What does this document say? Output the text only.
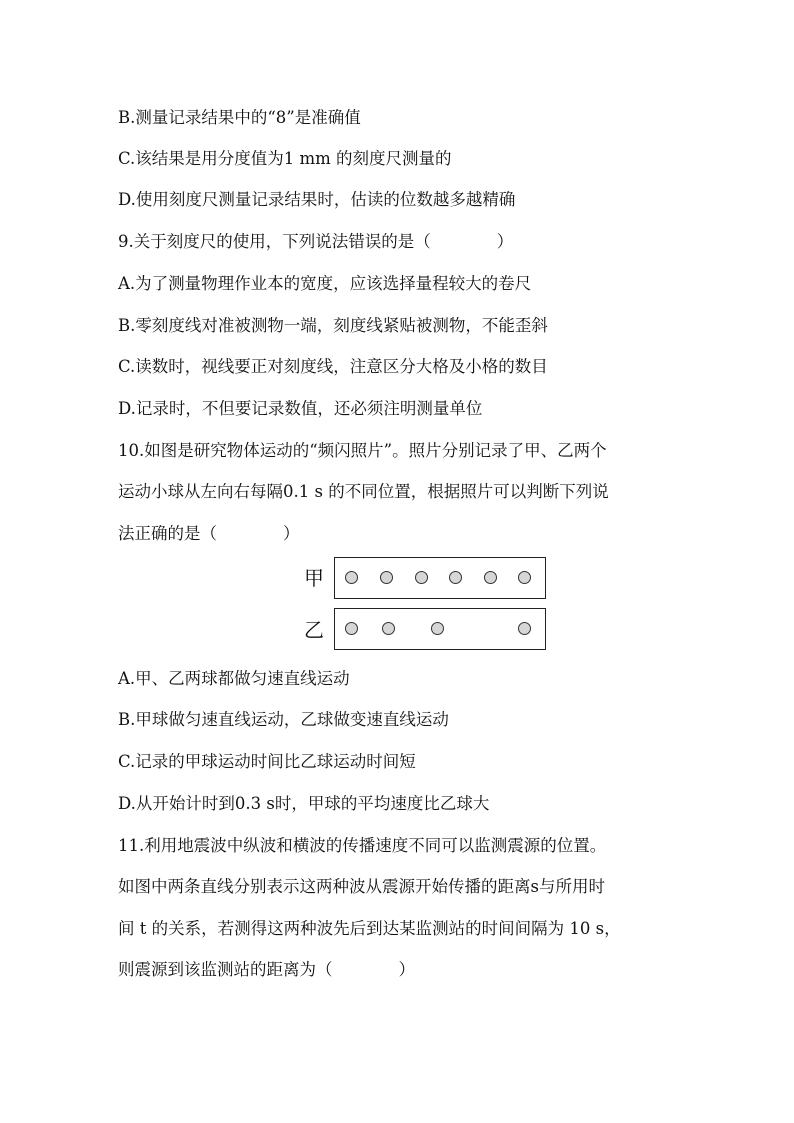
B.测量记录结果中的“8”是准确值
C.该结果是用分度值为1 mm 的刻度尺测量的
D.使用刻度尺测量记录结果时，估读的位数越多越精确
9.关于刻度尺的使用，下列说法错误的是（　　　　）
A.为了测量物理作业本的宽度，应该选择量程较大的卷尺
B.零刻度线对准被测物一端，刻度线紧贴被测物，不能歪斜
C.读数时，视线要正对刻度线，注意区分大格及小格的数目
D.记录时，不但要记录数值，还必须注明测量单位
10.如图是研究物体运动的“频闪照片”。照片分别记录了甲、乙两个
运动小球从左向右每隔0.1 s 的不同位置，根据照片可以判断下列说
法正确的是（　　　　）
甲
乙
A.甲、乙两球都做匀速直线运动
B.甲球做匀速直线运动，乙球做变速直线运动
C.记录的甲球运动时间比乙球运动时间短
D.从开始计时到0.3 s时，甲球的平均速度比乙球大
11.利用地震波中纵波和横波的传播速度不同可以监测震源的位置。
如图中两条直线分别表示这两种波从震源开始传播的距离s与所用时
间 t 的关系，若测得这两种波先后到达某监测站的时间间隔为 10 s，
则震源到该监测站的距离为（　　　　）
